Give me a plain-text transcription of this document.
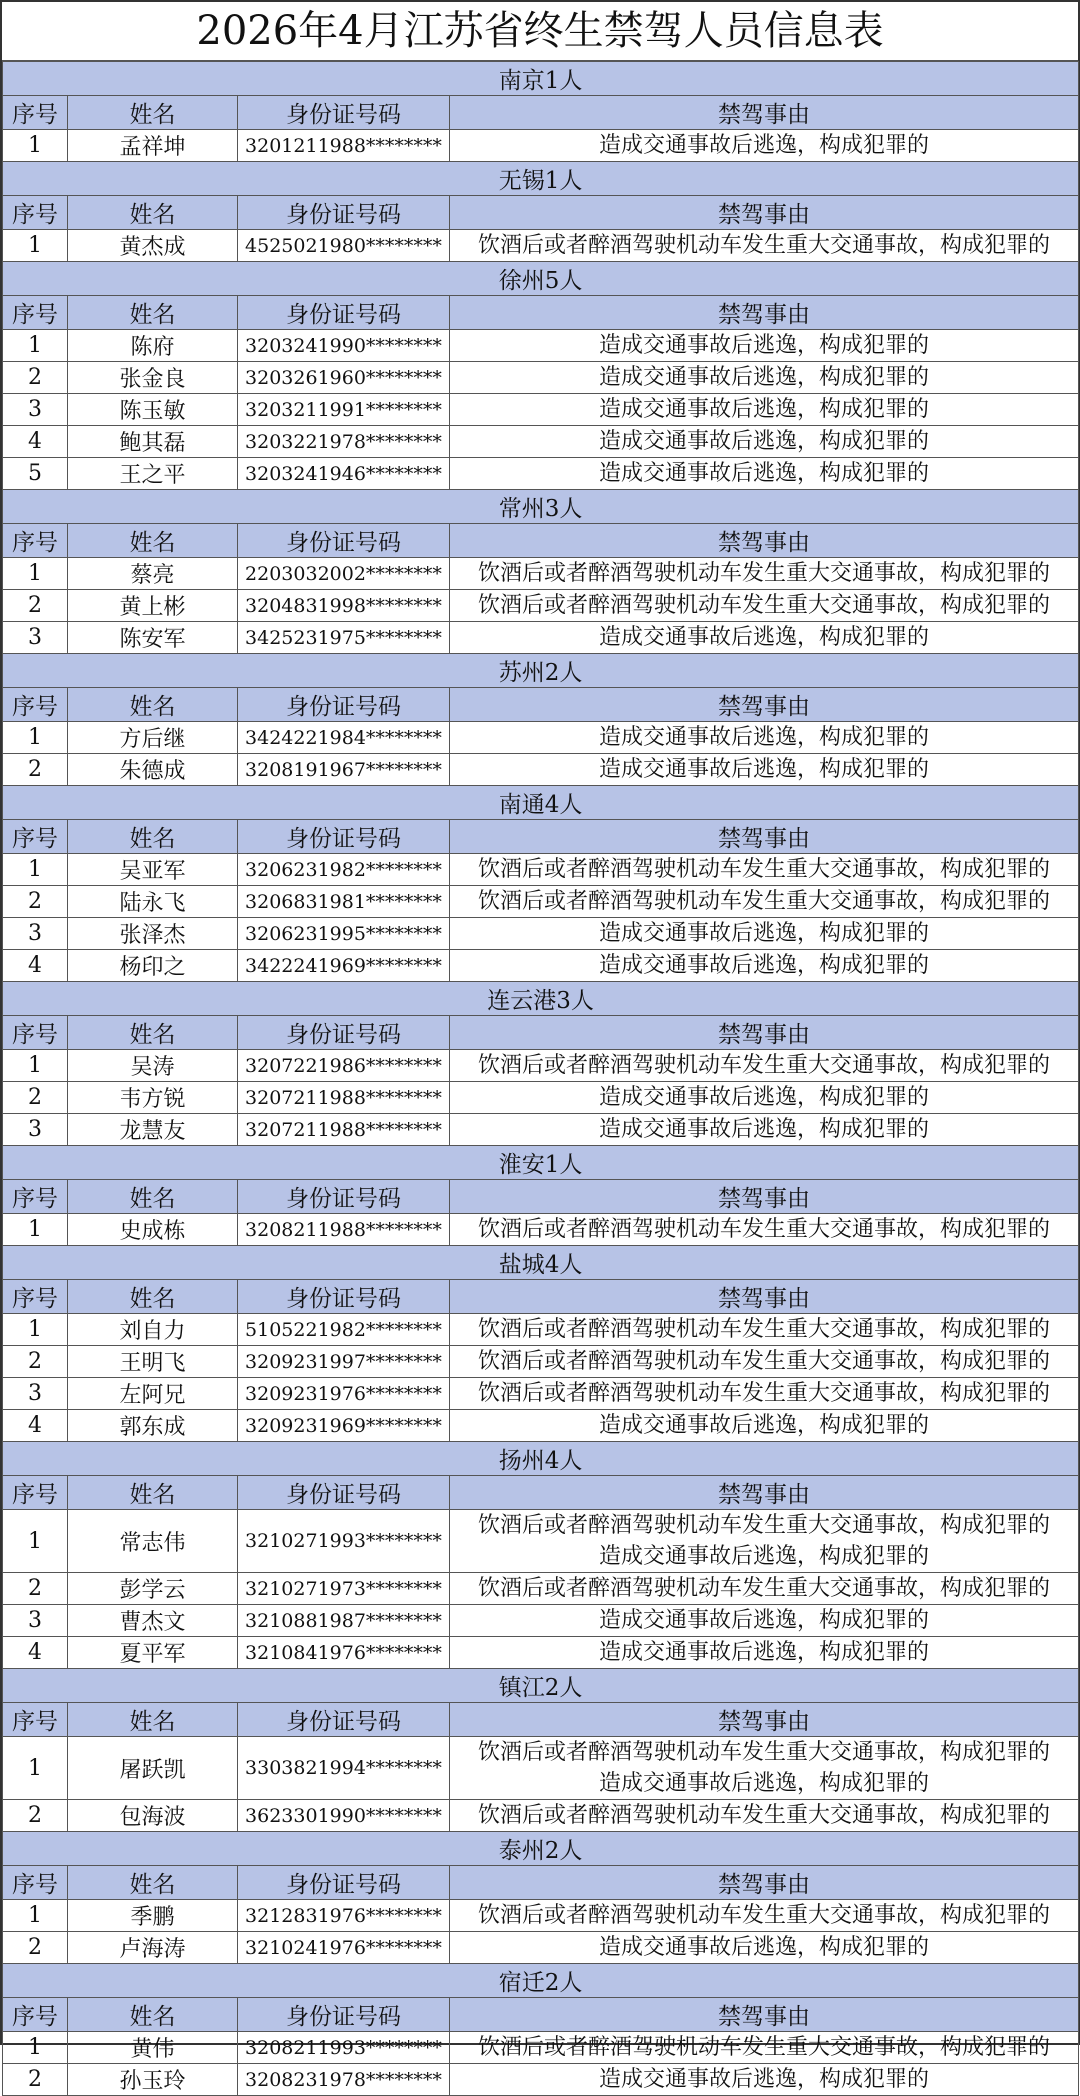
2026年4月江苏省终生禁驾人员信息表
南京1人			
序号	姓名	身份证号码	禁驾事由
1	孟祥坤	3201211988********	造成交通事故后逃逸，构成犯罪的

无锡1人			
序号	姓名	身份证号码	禁驾事由
1	黄杰成	4525021980********	饮酒后或者醉酒驾驶机动车发生重大交通事故，构成犯罪的

徐州5人			
序号	姓名	身份证号码	禁驾事由
1	陈府	3203241990********	造成交通事故后逃逸，构成犯罪的

2	张金良	3203261960********	造成交通事故后逃逸，构成犯罪的

3	陈玉敏	3203211991********	造成交通事故后逃逸，构成犯罪的

4	鲍其磊	3203221978********	造成交通事故后逃逸，构成犯罪的

5	王之平	3203241946********	造成交通事故后逃逸，构成犯罪的

常州3人			
序号	姓名	身份证号码	禁驾事由
1	蔡亮	2203032002********	饮酒后或者醉酒驾驶机动车发生重大交通事故，构成犯罪的

2	黄上彬	3204831998********	饮酒后或者醉酒驾驶机动车发生重大交通事故，构成犯罪的

3	陈安军	3425231975********	造成交通事故后逃逸，构成犯罪的

苏州2人			
序号	姓名	身份证号码	禁驾事由
1	方后继	3424221984********	造成交通事故后逃逸，构成犯罪的

2	朱德成	3208191967********	造成交通事故后逃逸，构成犯罪的

南通4人			
序号	姓名	身份证号码	禁驾事由
1	吴亚军	3206231982********	饮酒后或者醉酒驾驶机动车发生重大交通事故，构成犯罪的

2	陆永飞	3206831981********	饮酒后或者醉酒驾驶机动车发生重大交通事故，构成犯罪的

3	张泽杰	3206231995********	造成交通事故后逃逸，构成犯罪的

4	杨印之	3422241969********	造成交通事故后逃逸，构成犯罪的

连云港3人			
序号	姓名	身份证号码	禁驾事由
1	吴涛	3207221986********	饮酒后或者醉酒驾驶机动车发生重大交通事故，构成犯罪的

2	韦方锐	3207211988********	造成交通事故后逃逸，构成犯罪的

3	龙慧友	3207211988********	造成交通事故后逃逸，构成犯罪的

淮安1人			
序号	姓名	身份证号码	禁驾事由
1	史成栋	3208211988********	饮酒后或者醉酒驾驶机动车发生重大交通事故，构成犯罪的

盐城4人			
序号	姓名	身份证号码	禁驾事由
1	刘自力	5105221982********	饮酒后或者醉酒驾驶机动车发生重大交通事故，构成犯罪的

2	王明飞	3209231997********	饮酒后或者醉酒驾驶机动车发生重大交通事故，构成犯罪的

3	左阿兄	3209231976********	饮酒后或者醉酒驾驶机动车发生重大交通事故，构成犯罪的

4	郭东成	3209231969********	造成交通事故后逃逸，构成犯罪的

扬州4人			
序号	姓名	身份证号码	禁驾事由
1	常志伟	3210271993********	饮酒后或者醉酒驾驶机动车发生重大交通事故，构成犯罪的
造成交通事故后逃逸，构成犯罪的

2	彭学云	3210271973********	饮酒后或者醉酒驾驶机动车发生重大交通事故，构成犯罪的

3	曹杰文	3210881987********	造成交通事故后逃逸，构成犯罪的

4	夏平军	3210841976********	造成交通事故后逃逸，构成犯罪的

镇江2人			
序号	姓名	身份证号码	禁驾事由
1	屠跃凯	3303821994********	饮酒后或者醉酒驾驶机动车发生重大交通事故，构成犯罪的
造成交通事故后逃逸，构成犯罪的

2	包海波	3623301990********	饮酒后或者醉酒驾驶机动车发生重大交通事故，构成犯罪的

泰州2人			
序号	姓名	身份证号码	禁驾事由
1	季鹏	3212831976********	饮酒后或者醉酒驾驶机动车发生重大交通事故，构成犯罪的

2	卢海涛	3210241976********	造成交通事故后逃逸，构成犯罪的

宿迁2人			
序号	姓名	身份证号码	禁驾事由
1	黄伟	3208211993********	饮酒后或者醉酒驾驶机动车发生重大交通事故，构成犯罪的

2	孙玉玲	3208231978********	造成交通事故后逃逸，构成犯罪的
